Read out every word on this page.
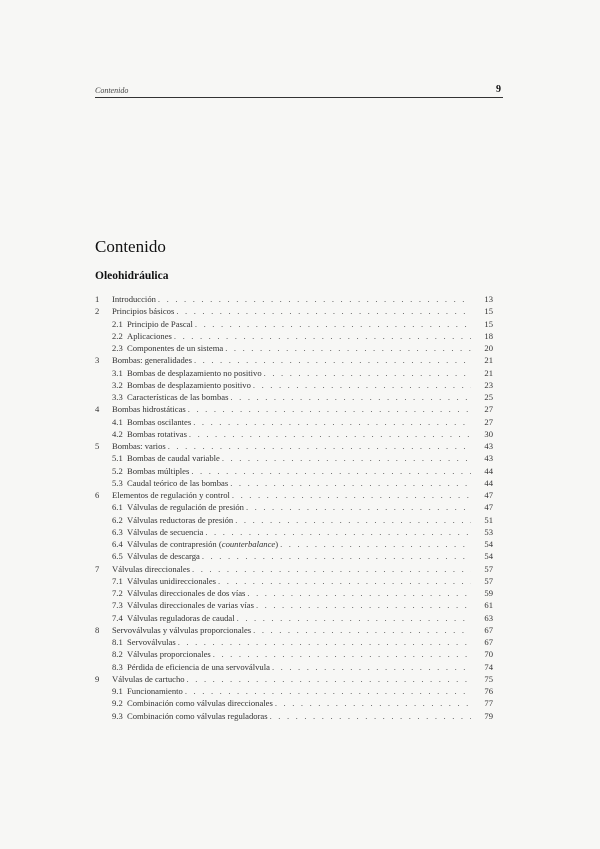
Contenido	9
Contenido
Oleohidráulica
1 Introducción . . .	13
2 Principios básicos . . .	15
2.1 Principio de Pascal . . .	15
2.2 Aplicaciones . . .	18
2.3 Componentes de un sistema . . .	20
3 Bombas: generalidades . . .	21
3.1 Bombas de desplazamiento no positivo . . .	21
3.2 Bombas de desplazamiento positivo . . .	23
3.3 Características de las bombas . . .	25
4 Bombas hidrostáticas . . .	27
4.1 Bombas oscilantes . . .	27
4.2 Bombas rotativas . . .	30
5 Bombas: varios . . .	43
5.1 Bombas de caudal variable . . .	43
5.2 Bombas múltiples . . .	44
5.3 Caudal teórico de las bombas . . .	44
6 Elementos de regulación y control . . .	47
6.1 Válvulas de regulación de presión . . .	47
6.2 Válvulas reductoras de presión . . .	51
6.3 Válvulas de secuencia . . .	53
6.4 Válvulas de contrapresión (counterbalance) . . .	54
6.5 Válvulas de descarga . . .	54
7 Válvulas direccionales . . .	57
7.1 Válvulas unidireccionales . . .	57
7.2 Válvulas direccionales de dos vías . . .	59
7.3 Válvulas direccionales de varias vías . . .	61
7.4 Válvulas reguladoras de caudal . . .	63
8 Servoválvulas y válvulas proporcionales . . .	67
8.1 Servoválvulas . . .	67
8.2 Válvulas proporcionales . . .	70
8.3 Pérdida de eficiencia de una servoválvula . . .	74
9 Válvulas de cartucho . . .	75
9.1 Funcionamiento . . .	76
9.2 Combinación como válvulas direccionales . . .	77
9.3 Combinación como válvulas reguladoras . . .	79
